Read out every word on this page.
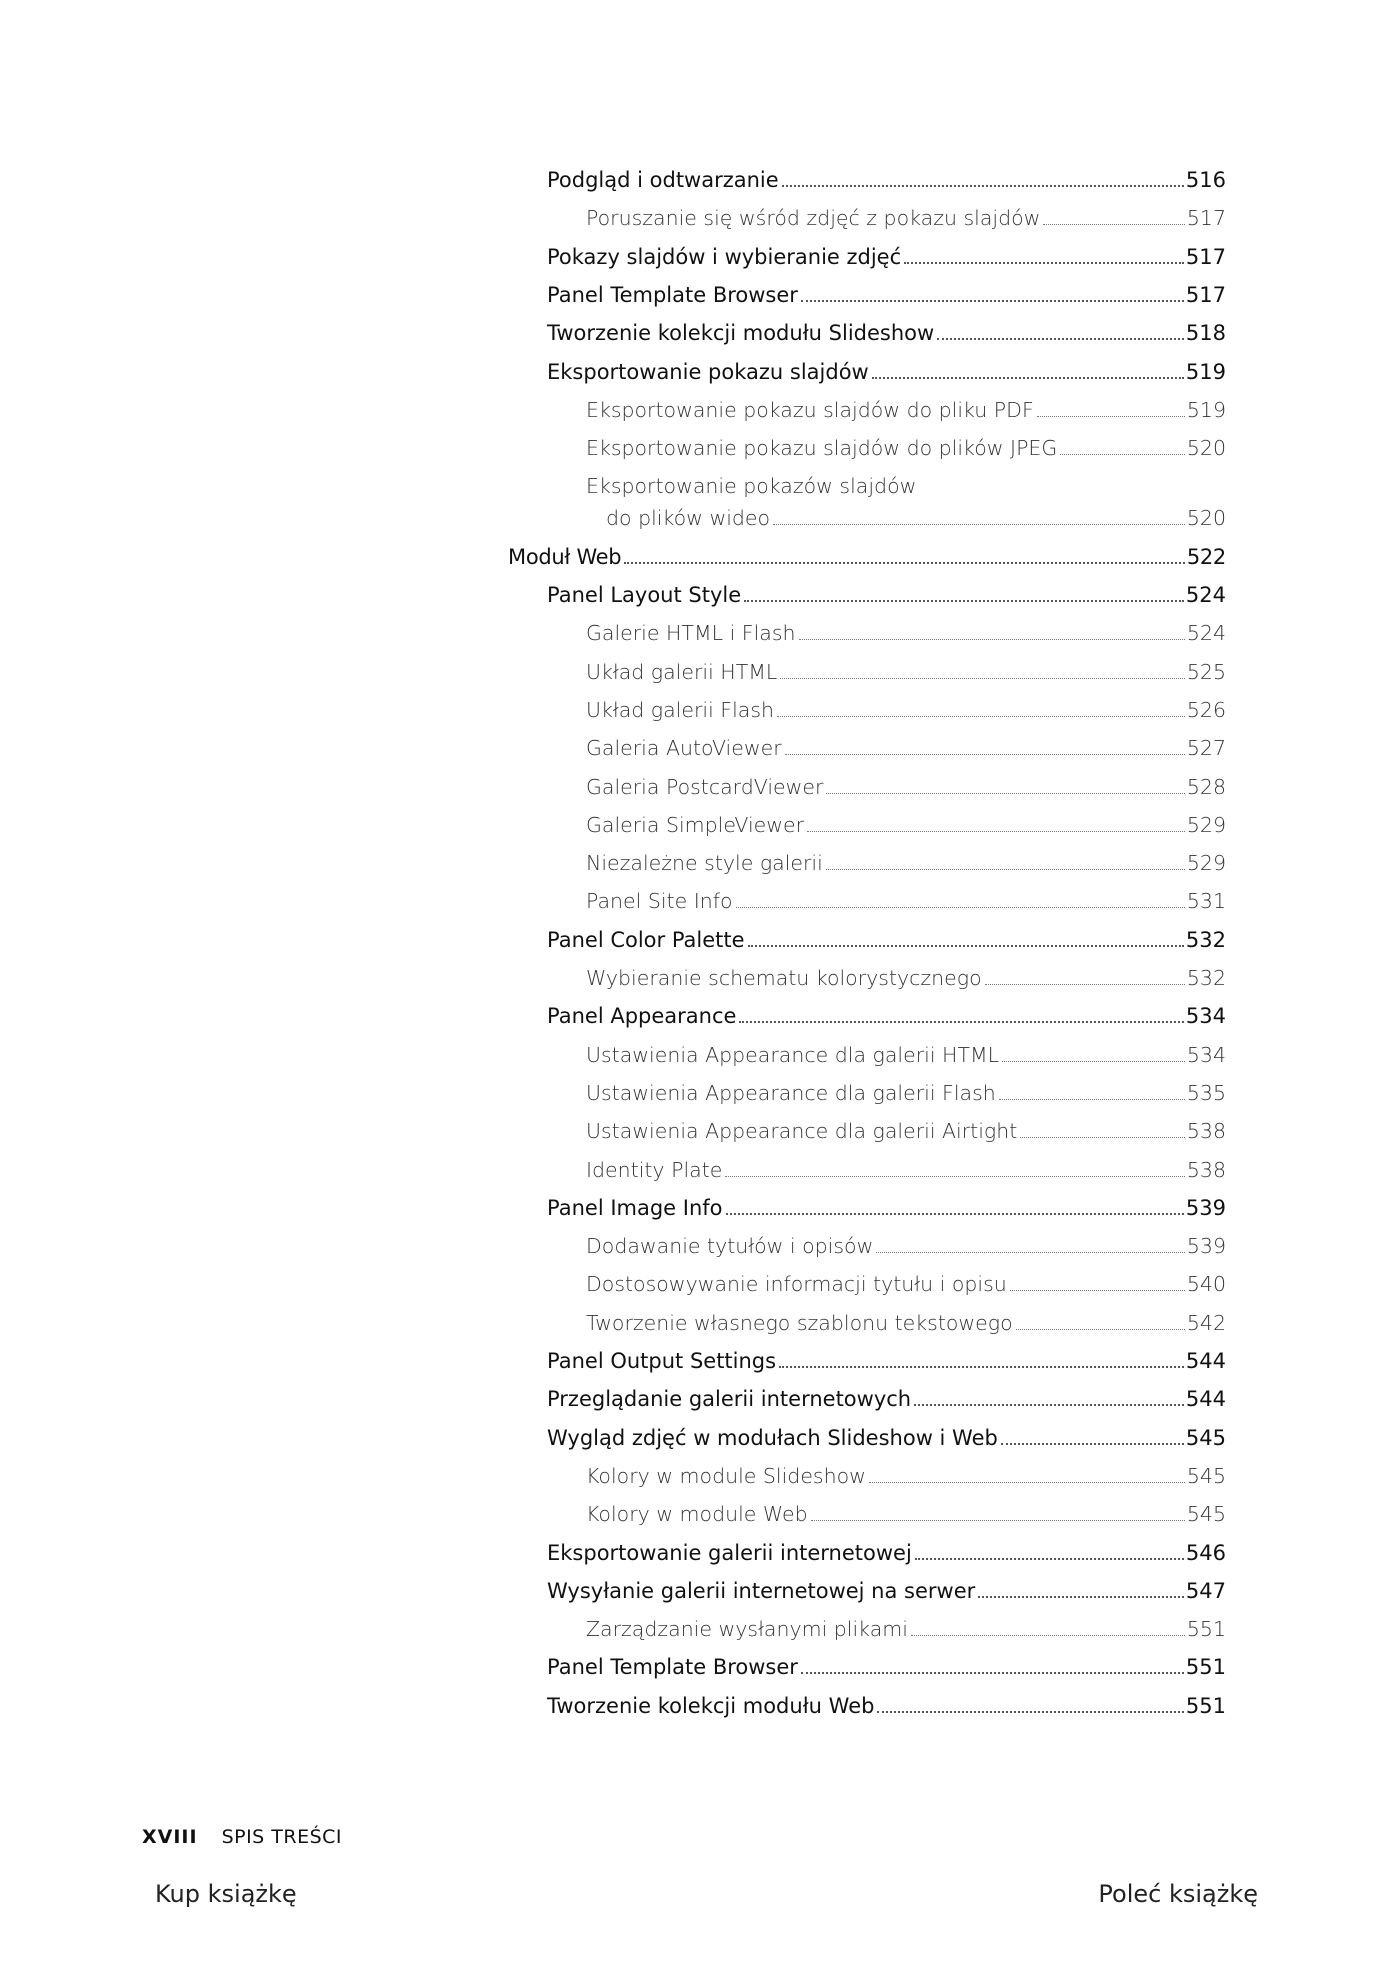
Podgląd i odtwarzanie	516
Poruszanie się wśród zdjęć z pokazu slajdów	517
Pokazy slajdów i wybieranie zdjęć	517
Panel Template Browser	517
Tworzenie kolekcji modułu Slideshow	518
Eksportowanie pokazu slajdów	519
Eksportowanie pokazu slajdów do pliku PDF	519
Eksportowanie pokazu slajdów do plików JPEG	520
Eksportowanie pokazów slajdów
do plików wideo	520
Moduł Web	522
Panel Layout Style	524
Galerie HTML i Flash	524
Układ galerii HTML	525
Układ galerii Flash	526
Galeria AutoViewer	527
Galeria PostcardViewer	528
Galeria SimpleViewer	529
Niezależne style galerii	529
Panel Site Info	531
Panel Color Palette	532
Wybieranie schematu kolorystycznego	532
Panel Appearance	534
Ustawienia Appearance dla galerii HTML	534
Ustawienia Appearance dla galerii Flash	535
Ustawienia Appearance dla galerii Airtight	538
Identity Plate	538
Panel Image Info	539
Dodawanie tytułów i opisów	539
Dostosowywanie informacji tytułu i opisu	540
Tworzenie własnego szablonu tekstowego	542
Panel Output Settings	544
Przeglądanie galerii internetowych	544
Wygląd zdjęć w modułach Slideshow i Web	545
Kolory w module Slideshow	545
Kolory w module Web	545
Eksportowanie galerii internetowej	546
Wysyłanie galerii internetowej na serwer	547
Zarządzanie wysłanymi plikami	551
Panel Template Browser	551
Tworzenie kolekcji modułu Web	551
XVIII SPIS TREŚCI
Kup książkę	Poleć książkę
